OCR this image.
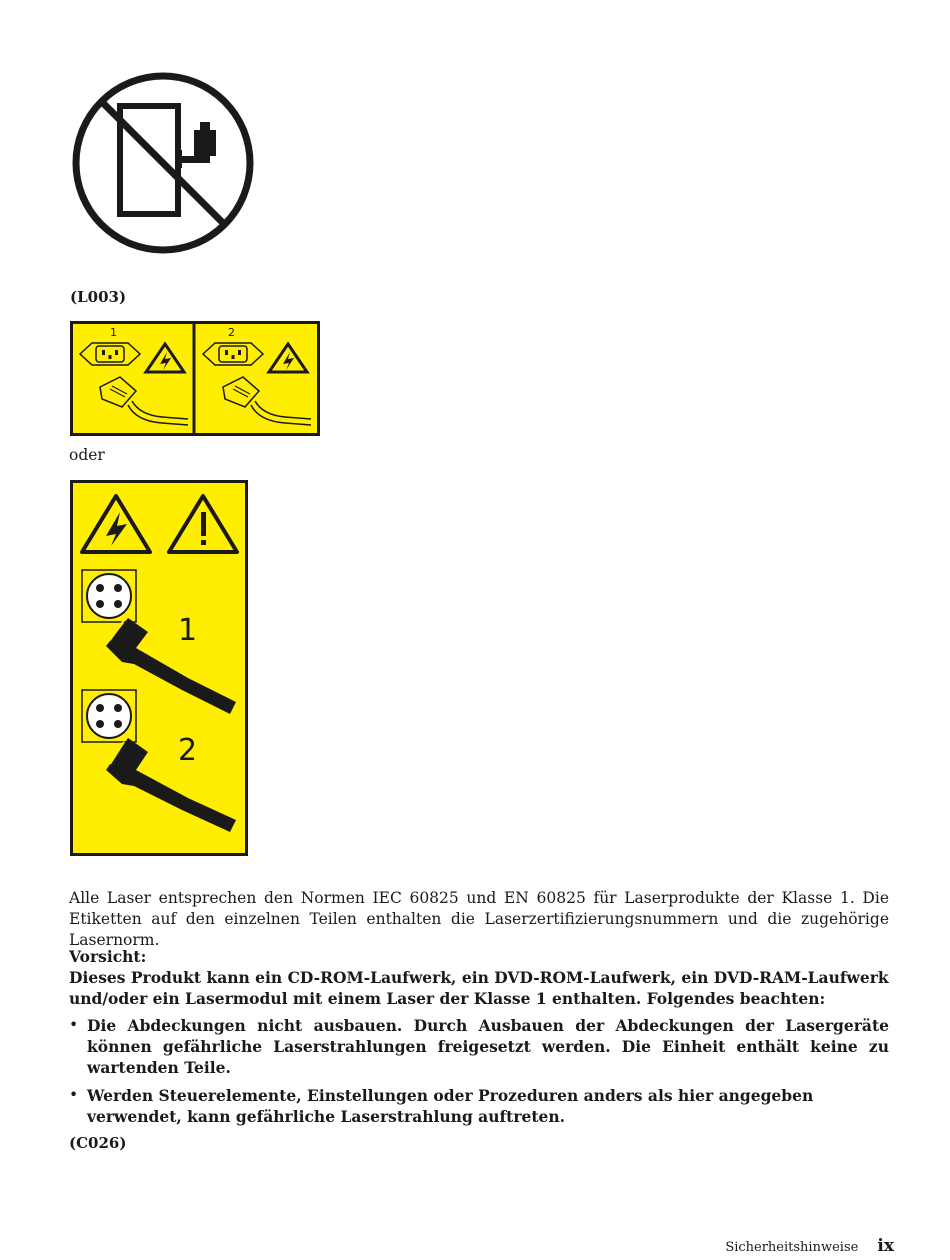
(L003)
1	2
oder
1
2
Alle Laser entsprechen den Normen IEC 60825 und EN 60825 für Laserprodukte der Klasse 1. Die Etiketten auf den einzelnen Teilen enthalten die Laserzertifizierungsnummern und die zugehörige Lasernorm.
Vorsicht:
Dieses Produkt kann ein CD-ROM-Laufwerk, ein DVD-ROM-Laufwerk, ein DVD-RAM-Laufwerk und/oder ein Lasermodul mit einem Laser der Klasse 1 enthalten. Folgendes beachten:
• Die Abdeckungen nicht ausbauen. Durch Ausbauen der Abdeckungen der Lasergeräte können gefährliche Laserstrahlungen freigesetzt werden. Die Einheit enthält keine zu wartenden Teile.
• Werden Steuerelemente, Einstellungen oder Prozeduren anders als hier angegeben verwendet, kann gefährliche Laserstrahlung auftreten.
(C026)
Sicherheitshinweise ix
